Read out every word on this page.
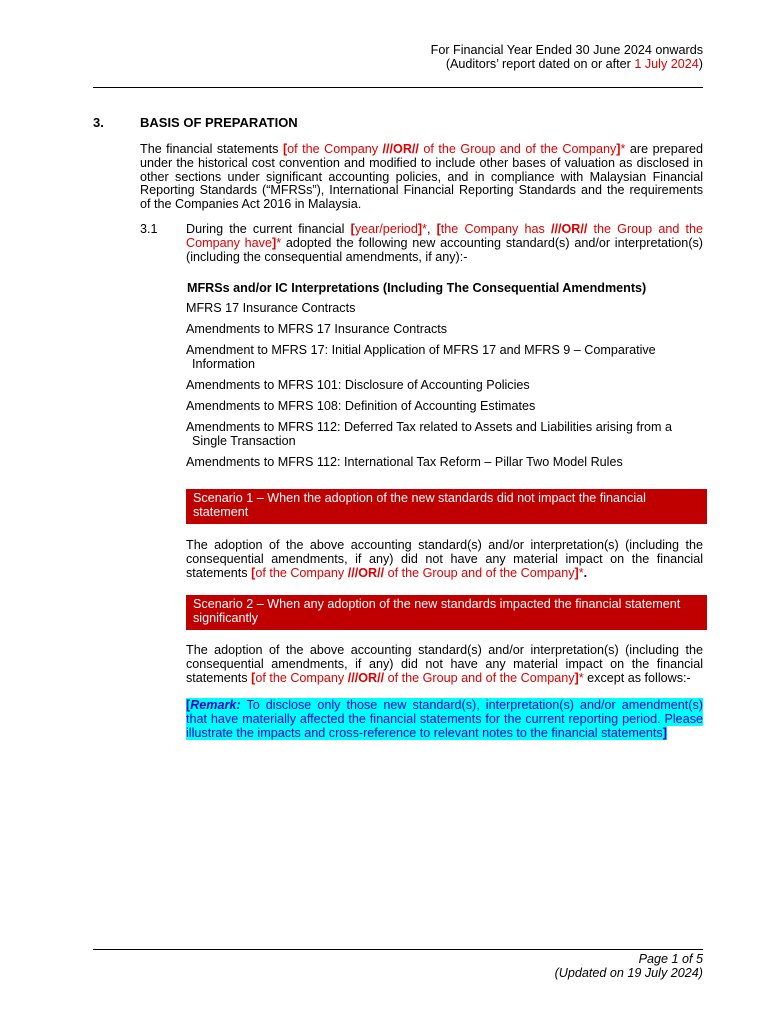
For Financial Year Ended 30 June 2024 onwards
(Auditors’ report dated on or after 1 July 2024)
3.	BASIS OF PREPARATION

The financial statements [of the Company ///OR// of the Group and of the Company]* are prepared under the historical cost convention and modified to include other bases of valuation as disclosed in other sections under significant accounting policies, and in compliance with Malaysian Financial Reporting Standards (“MFRSs”), International Financial Reporting Standards and the requirements of the Companies Act 2016 in Malaysia.

3.1 During the current financial [year/period]*, [the Company has ///OR// the Group and the Company have]* adopted the following new accounting standard(s) and/or interpretation(s) (including the consequential amendments, if any):-

MFRSs and/or IC Interpretations (Including The Consequential Amendments)
MFRS 17 Insurance Contracts
Amendments to MFRS 17 Insurance Contracts
Amendment to MFRS 17: Initial Application of MFRS 17 and MFRS 9 – Comparative Information
Amendments to MFRS 101: Disclosure of Accounting Policies
Amendments to MFRS 108: Definition of Accounting Estimates
Amendments to MFRS 112: Deferred Tax related to Assets and Liabilities arising from a Single Transaction
Amendments to MFRS 112: International Tax Reform – Pillar Two Model Rules
Scenario 1 – When the adoption of the new standards did not impact the financial statement

The adoption of the above accounting standard(s) and/or interpretation(s) (including the consequential amendments, if any) did not have any material impact on the financial statements [of the Company ///OR// of the Group and of the Company]*.

Scenario 2 – When any adoption of the new standards impacted the financial statement significantly

The adoption of the above accounting standard(s) and/or interpretation(s) (including the consequential amendments, if any) did not have any material impact on the financial statements [of the Company ///OR// of the Group and of the Company]* except as follows:-

[Remark: To disclose only those new standard(s), interpretation(s) and/or amendment(s) that have materially affected the financial statements for the current reporting period. Please illustrate the impacts and cross-reference to relevant notes to the financial statements]

Page 1 of 5
(Updated on 19 July 2024)
